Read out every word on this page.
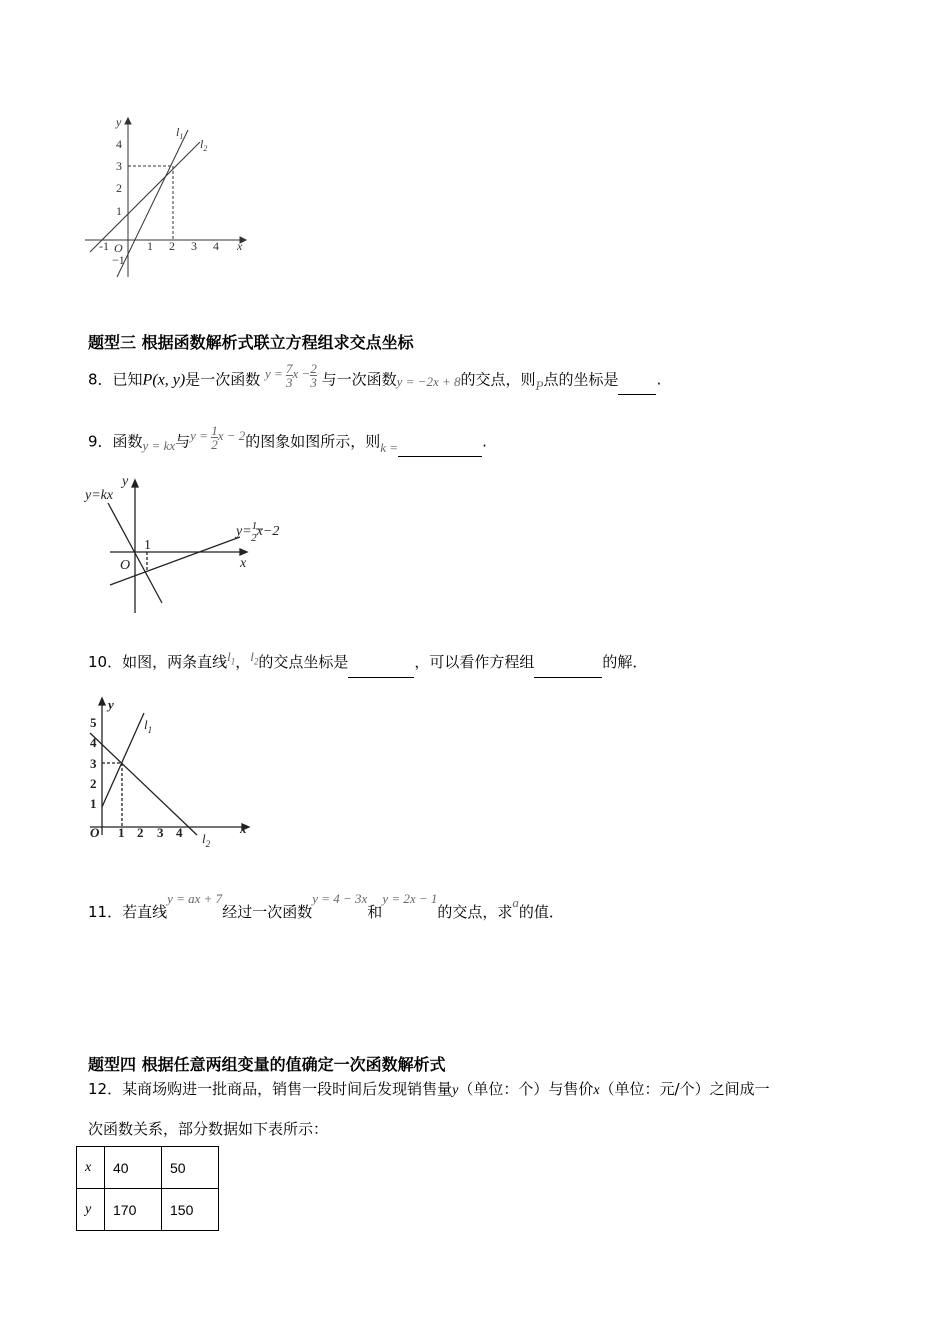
y
x
O
4
3
2
1
−1
-1	1 2 3 4
$l_1$
$l_2$
题型三 根据函数解析式联立方程组求交点坐标
8．已知P(x, y)是一次函数 $y = \frac{7}{3}$ $x - \frac{2}{3}$ 与一次函数y = −2x + 8的交点，则P点的坐标是	.
9．函数y = kx与$y = \frac{1}{2}$ x − 2的图象如图所示，则k =	.
y=kx
y
O	x
1
y=$^1$ 2x−2
10．如图，两条直线$l_1$，$l_2$的交点坐标是	，可以看作方程组	的解．
y
x
O
5
4
3
2
1
1 2 3 4
$l_1$
$l_2$
11．若直线y = ax + 7经过一次函数y = 4 − 3x和y = 2x − 1的交点，求a的值．
题型四 根据任意两组变量的值确定一次函数解析式
12．某商场购进一批商品，销售一段时间后发现销售量y（单位：个）与售价x（单位：元/个）之间成一
次函数关系，部分数据如下表所示：
x	40	50
y	170	150
